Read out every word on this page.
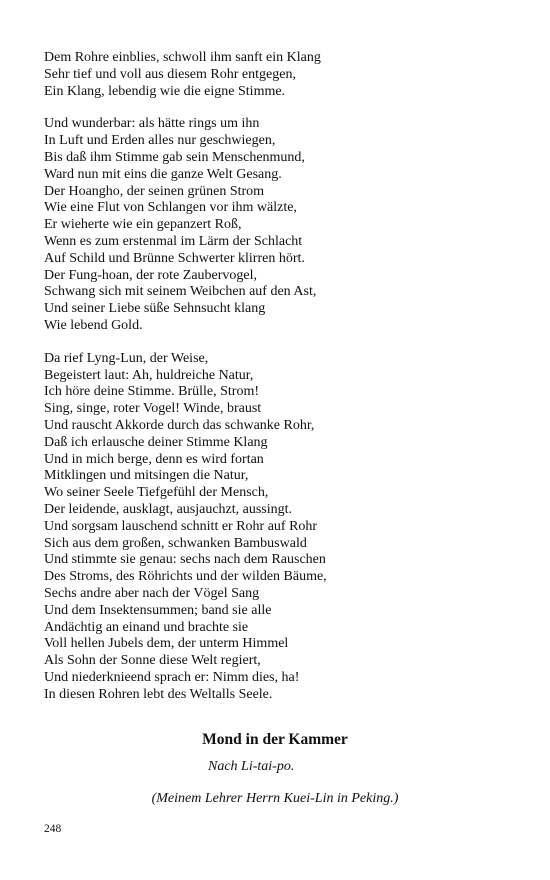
Dem Rohre einblies, schwoll ihm sanft ein Klang
Sehr tief und voll aus diesem Rohr entgegen,
Ein Klang, lebendig wie die eigne Stimme.
Und wunderbar: als hätte rings um ihn
In Luft und Erden alles nur geschwiegen,
Bis daß ihm Stimme gab sein Menschenmund,
Ward nun mit eins die ganze Welt Gesang.
Der Hoangho, der seinen grünen Strom
Wie eine Flut von Schlangen vor ihm wälzte,
Er wieherte wie ein gepanzert Roß,
Wenn es zum erstenmal im Lärm der Schlacht
Auf Schild und Brünne Schwerter klirren hört.
Der Fung-hoan, der rote Zaubervogel,
Schwang sich mit seinem Weibchen auf den Ast,
Und seiner Liebe süße Sehnsucht klang
Wie lebend Gold.
Da rief Lyng-Lun, der Weise,
Begeistert laut: Ah, huldreiche Natur,
Ich höre deine Stimme. Brülle, Strom!
Sing, singe, roter Vogel! Winde, braust
Und rauscht Akkorde durch das schwanke Rohr,
Daß ich erlausche deiner Stimme Klang
Und in mich berge, denn es wird fortan
Mitklingen und mitsingen die Natur,
Wo seiner Seele Tiefgefühl der Mensch,
Der leidende, ausklagt, ausjauchzt, aussingt.
Und sorgsam lauschend schnitt er Rohr auf Rohr
Sich aus dem großen, schwanken Bambuswald
Und stimmte sie genau: sechs nach dem Rauschen
Des Stroms, des Röhrichts und der wilden Bäume,
Sechs andre aber nach der Vögel Sang
Und dem Insektensummen; band sie alle
Andächtig an einand und brachte sie
Voll hellen Jubels dem, der unterm Himmel
Als Sohn der Sonne diese Welt regiert,
Und niederknieend sprach er: Nimm dies, ha!
In diesen Rohren lebt des Weltalls Seele.
Mond in der Kammer
Nach Li-tai-po.
(Meinem Lehrer Herrn Kuei-Lin in Peking.)
248
